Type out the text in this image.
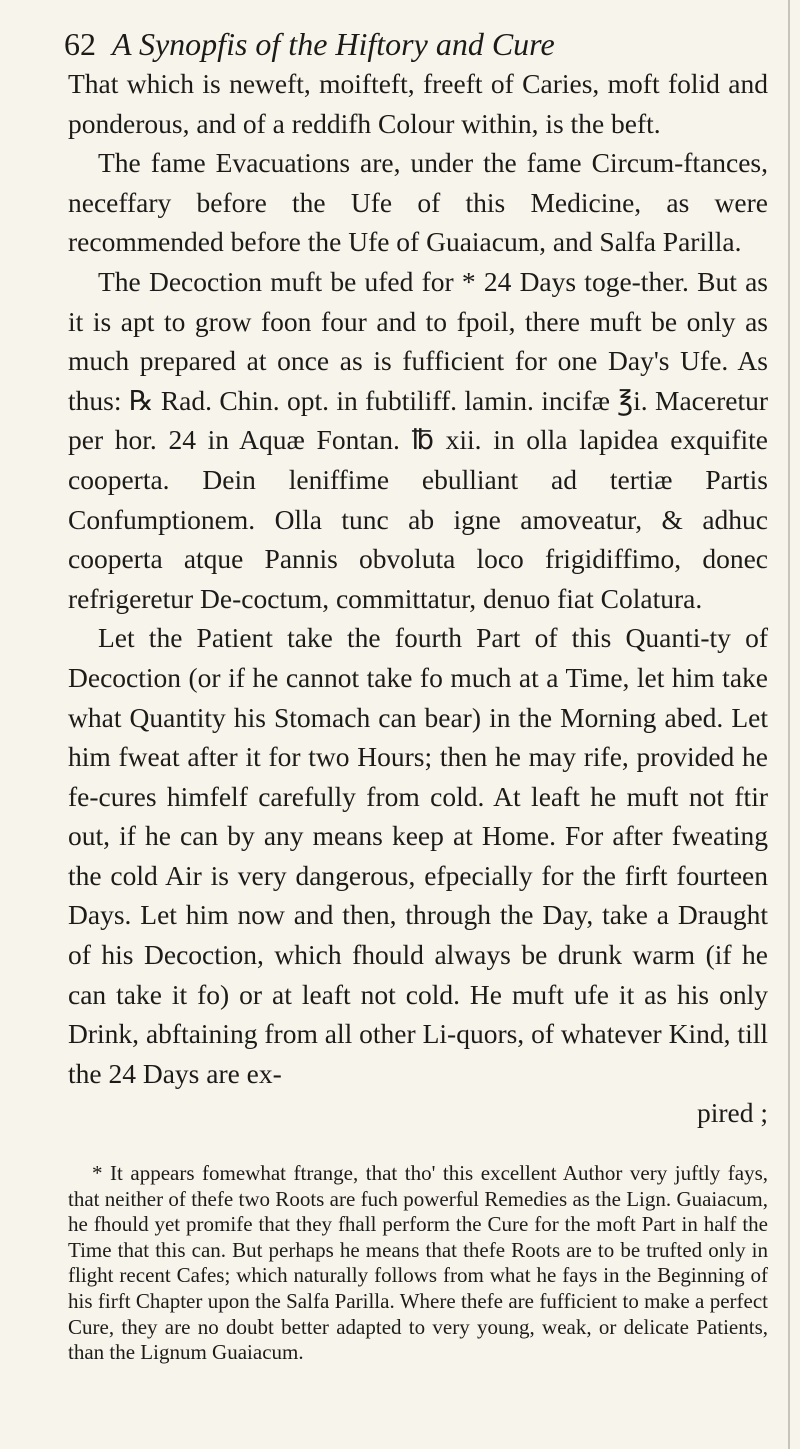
62 A Synopfis of the Hiftory and Cure

That which is neweft, moifteft, freeft of Caries, moft folid and ponderous, and of a reddifh Colour within, is the beft.

The fame Evacuations are, under the fame Circum-ftances, neceffary before the Ufe of this Medicine, as were recommended before the Ufe of Guaiacum, and Salfa Parilla.

The Decoction muft be ufed for * 24 Days toge-ther. But as it is apt to grow foon four and to fpoil, there muft be only as much prepared at once as is fufficient for one Day's Ufe. As thus: ℞ Rad. Chin. opt. in fubtiliff. lamin. incifæ ℥i. Maceretur per hor. 24 in Aquæ Fontan. ℔ xii. in olla lapidea exquifite cooperta. Dein leniffime ebulliant ad tertiæ Partis Confumptionem. Olla tunc ab igne amoveatur, & adhuc cooperta atque Pannis obvoluta loco frigidiffimo, donec refrigeretur De-coctum, committatur, denuo fiat Colatura.

Let the Patient take the fourth Part of this Quanti-ty of Decoction (or if he cannot take fo much at a Time, let him take what Quantity his Stomach can bear) in the Morning abed. Let him fweat after it for two Hours; then he may rife, provided he fe-cures himfelf carefully from cold. At leaft he muft not ftir out, if he can by any means keep at Home. For after fweating the cold Air is very dangerous, efpecially for the firft fourteen Days. Let him now and then, through the Day, take a Draught of his Decoction, which fhould always be drunk warm (if he can take it fo) or at leaft not cold. He muft ufe it as his only Drink, abftaining from all other Li-quors, of whatever Kind, till the 24 Days are ex-

pired ;

* It appears fomewhat ftrange, that tho' this excellent Author very juftly fays, that neither of thefe two Roots are fuch powerful Remedies as the Lign. Guaiacum, he fhould yet promife that they fhall perform the Cure for the moft Part in half the Time that this can. But perhaps he means that thefe Roots are to be trufted only in flight recent Cafes; which naturally follows from what he fays in the Beginning of his firft Chapter upon the Salfa Parilla. Where thefe are fufficient to make a perfect Cure, they are no doubt better adapted to very young, weak, or delicate Patients, than the Lignum Guaiacum.
